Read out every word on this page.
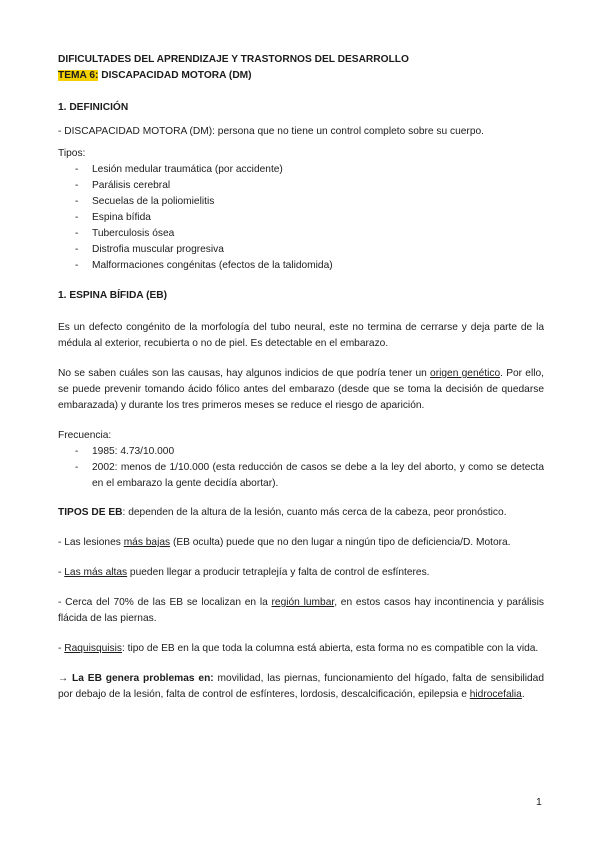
DIFICULTADES DEL APRENDIZAJE Y TRASTORNOS DEL DESARROLLO

TEMA 6: DISCAPACIDAD MOTORA (DM)

1. DEFINICIÓN

- DISCAPACIDAD MOTORA (DM): persona que no tiene un control completo sobre su cuerpo.

Tipos:

- Lesión medular traumática (por accidente)
- Parálisis cerebral
- Secuelas de la poliomielitis
- Espina bífida
- Tuberculosis ósea
- Distrofia muscular progresiva
- Malformaciones congénitas (efectos de la talidomida)

1. ESPINA BÍFIDA (EB)

Es un defecto congénito de la morfología del tubo neural, este no termina de cerrarse y deja parte de la médula al exterior, recubierta o no de piel. Es detectable en el embarazo.

No se saben cuáles son las causas, hay algunos indicios de que podría tener un origen genético. Por ello, se puede prevenir tomando ácido fólico antes del embarazo (desde que se toma la decisión de quedarse embarazada) y durante los tres primeros meses se reduce el riesgo de aparición.

Frecuencia:

- 1985: 4.73/10.000
- 2002: menos de 1/10.000 (esta reducción de casos se debe a la ley del aborto, y como se detecta en el embarazo la gente decidía abortar).

TIPOS DE EB: dependen de la altura de la lesión, cuanto más cerca de la cabeza, peor pronóstico.

- Las lesiones más bajas (EB oculta) puede que no den lugar a ningún tipo de deficiencia/D. Motora.

- Las más altas pueden llegar a producir tetraplejía y falta de control de esfínteres.

- Cerca del 70% de las EB se localizan en la región lumbar, en estos casos hay incontinencia y parálisis flácida de las piernas.

- Raquisquisis: tipo de EB en la que toda la columna está abierta, esta forma no es compatible con la vida.

→ La EB genera problemas en: movilidad, las piernas, funcionamiento del hígado, falta de sensibilidad por debajo de la lesión, falta de control de esfínteres, lordosis, descalcificación, epilepsia e hidrocefalia.

1
